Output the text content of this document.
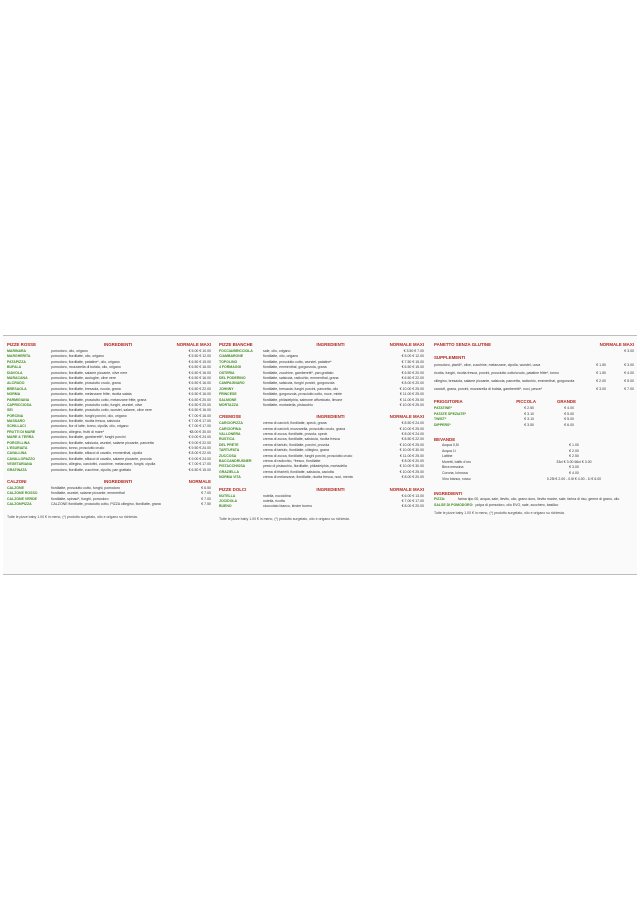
PIZZE ROSSE	INGREDIENTI	NORMALE MAXI
MARINARA	pomodoro, olio, origano	€ 5.00 € 10.00
MARGHERITA	pomodoro, fiordilatte, olio, origano	€ 5.50 € 12.00
PATAPIZZA	pomodoro, fiordilatte, patatine*, olio, origano	€ 6.50 € 15.00
BUFALA	pomodoro, mozzarella di bufala, olio, origano	€ 6.50 € 16.00
DIAVOLA	pomodoro, fiordilatte, salame piccante, olive nere	€ 6.50 € 16.00
MARACANA	pomodoro, fiordilatte, acciughe, olive nere	€ 6.50 € 16.00
ALCRUDO	pomodoro, fiordilatte, prosciutto crudo, grana	€ 6.50 € 16.00
BRESAOLA	pomodoro, fiordilatte, bresaola, rucola, grana	€ 6.50 € 22.00
NORMA	pomodoro, fiordilatte, melanzane fritte, ricotta salata	€ 6.50 € 16.00
PARMIGIANA	pomodoro, fiordilatte, prosciutto cotto, melanzane fritte, grana	€ 6.50 € 20.00
CAPRICCIOSA	pomodoro, fiordilatte, prosciutto cotto, funghi, wurstel, olive	€ 6.50 € 20.00
SEI	pomodoro, fiordilatte, prosciutto cotto, wurstel, salame, olive nere	€ 6.50 € 16.00
PORCINA	pomodoro, fiordilatte, funghi porcini, olio, origano	€ 7.00 € 16.00
MASSARO	pomodoro, fiordilatte, ricotta fresca, salsiccia	€ 7.00 € 17.00
SCHILLACI	pomodoro, fior di latte, tonno, cipolla, olio, origano	€ 7.00 € 17.00
FRUTTI DI MARE	pomodoro, ciliegino, frutti di mare*	€8.00 € 30.00
MARE & TERRA	pomodoro, fiordilatte, gamberetti*, funghi porcini	€ 9.00 € 24.00
PORCELLINA	pomodoro, fiordilatte, salsiccia, wurstel, salame piccante, pancetta	€ 9.00 € 22.00
L'ESURIATA	pomodoro, tonno, prosciutto crudo	€ 9.50 € 24.00
CAVALLINA	pomodoro, fiordilatte, sfilacci di cavallo, emmenthal, cipolla	€ 8.00 € 22.00
CAVALLOPAZZO	pomodoro, fiordilatte, sfilacci di cavallo, salame piccante, provola	€ 9.00 € 24.00
VEGETARIANA	pomodoro, ciliegino, carciofini, zucchine, melanzane, funghi, cipolla	€ 7.00 € 17.00
GRATINATA	pomodoro, fiordilatte, zucchine, cipolla, pan grattato	€ 6.50 € 15.00
CALZONI	INGREDIENTI	NORMALE
CALZONE	fiordilatte, prosciutto cotto, funghi, pomodoro	€ 6.50
CALZONE ROSSO	fiordilatte, wurstel, salame piccante, emmenthal	€ 7.00
CALZONE VERDE	fiordilatte, spinaci*, funghi, pomodoro	€ 7.00
CALZONPIZZA	CALZONE fiordilatte, prosciutto cotto, PIZZA ciliegino, fiordilatte, grana	€ 7.50
Tutte le pizze baby 1.00 € in meno, (*) prodotto surgelato, olio e origano su richiesta.
PIZZE BIANCHE	INGREDIENTI	NORMALE MAXI
FOCCIA/BRICCIOLA	sale, olio, origano	€ 3.50 € 7.00
CIAMBARONE	fiordilatte, olio, origano	€ 5.00 € 12.00
TOPOLINO	fiordilatte, prosciutto cotto, wurstel, patatine*	€ 7.50 € 15.00
4 FORMAGGI	fiordilatte, emmenthal, gorgonzola, grana	€ 6.50 € 15.00
OSTERIA	fiordilatte, zucchine, gamberetti*, pan grattato	€ 6.50 € 20.00
DEL PODERINO	fiordilatte, salsiccia, radicchio, emmenthal, grana	€ 6.50 € 22.00
CAMPAGNARO	fiordilatte, salsiccia, funghi porcini, gorgonzola	€ 8.00 € 20.00
JOHNNY	fiordilatte, bresaola, funghi porcini, pancetta, olio	€ 10.00 € 25.00
FRINCESE	fiordilatte, gorgonzola, prosciutto cotto, noce, miele	€ 11.00 € 25.00
SALMONE	fiordilatte, philadelphia, salmone affumicato, limone	€ 11.00 € 25.00
MORTAZZA	fiordilatte, mortadella, pistacchio	€ 10.00 € 25.00
CREMOSE	INGREDIENTI	NORMALE MAXI
CARCIOPIZZA	crema di carciofi, fiordilatte, speck, grana	€ 8.50 € 24.00
CARCIOFINA	crema di carciofi, mozzarella, prosciutto crudo, grana	€ 10.00 € 25.00
VALLONERA	crema di zucca, fiordilatte, provola, speck	€ 8.00 € 24.00
RUSTICA	crema di zucca, fiordilatte, salsiccia, ricotta fresca	€ 8.50 € 22.00
DEL PRETE	crema di tartufo, fiordilatte, porcini, provola	€ 10.00 € 25.00
TARTUFATA	crema di tartufo, fiordilatte, ciliegino, grana	€ 10.00 € 30.00
ZUCCOSA	crema di zucca, fiordilatte, funghi porcini, prosciutto crudo	€ 11.00 € 25.00
BACCANDRUSNER	crema di radicchio, *fresco, fiordilatte	€ 8.00 € 20.00
PISTACCHIOSA	pesto di pistacchio, fiordilatte, philadelphia, mortadella	€ 10.00 € 30.00
GRAZIELLA	crema di friarielli, fiordilatte, salsiccia, caciotta	€ 10.00 € 25.00
NORMA VITA	crema di melanzane, fiordilatte, ricotta fresca, noci, menta	€ 8.00 € 20.00
PIZZE DOLCI	INGREDIENTI	NORMALE MAXI
NUTELLA	nutella, nocciolina	€ 6.00 € 13.00
JOCIDOLA	nutella, ricotta	€ 7.00 € 17.00
BUENO	cioccolato bianco, kinder bueno	€ 8.00 € 20.00
Tutte le pizze baby 1.00 € in meno, (*) prodotto surgelato, olio e origano su richiesta.
PANETTO SENZA GLUTINE	NORMALE MAXI
€ 3.00
SUPPLEMENTI
pomodoro, piselli*, olive, zucchine, melanzane, cipolla, wurstel, uova	€ 1.50	€ 3.00
ricotta, funghi, ricotta fresca, porcini, prosciutto cotto/crudo, patatine fritte*, tonno	€ 1.50	€ 4.00
ciliegino, bresaola, salame piccante, salsiccia, pancetta, radicchio, emmenthal, gorgonzola	€ 2.00	€ 5.00
carciofi, grana, porcini, mozzarella di bufala, gamberetti*, noci, pesce*	€ 3.00	€ 7.00
FRIGGITORIA	PICCOLA	GRANDE
PATATINE*	€ 2.50	€ 4.00
PATATE SPEZIATE*	€ 3.10	€ 5.00
TWIST*	€ 3.10	€ 5.00
DIPPERS*	€ 3.50	€ 6.00
BEVANDE
Acqua 0,5l	€ 1.00
Acqua 1l	€ 2.00
Lattine	€ 2.50
Moretti, baffo d'oro	33cl € 3.00 66cl € 3.00
Birra messina	€ 3.00
Coronа, Ichnusa	€ 4.00
Vino bianco, rosso	0.25l € 2.00 - 0.5l € 4.00 - 1l € 6.00
INGREDIENTI
PIZZA:	farina tipo 00, acqua, sale, lievito, olio, grano duro, lievito madre, sale, farina di riso, germe di grano, olio
SALSE DI POMODORO: polpa di pomodoro, olio EVO, sale, zucchero, basilico
Tutte le pizze baby 1.00 € in meno, (*) prodotto surgelato, olio e origano su richiesta.
